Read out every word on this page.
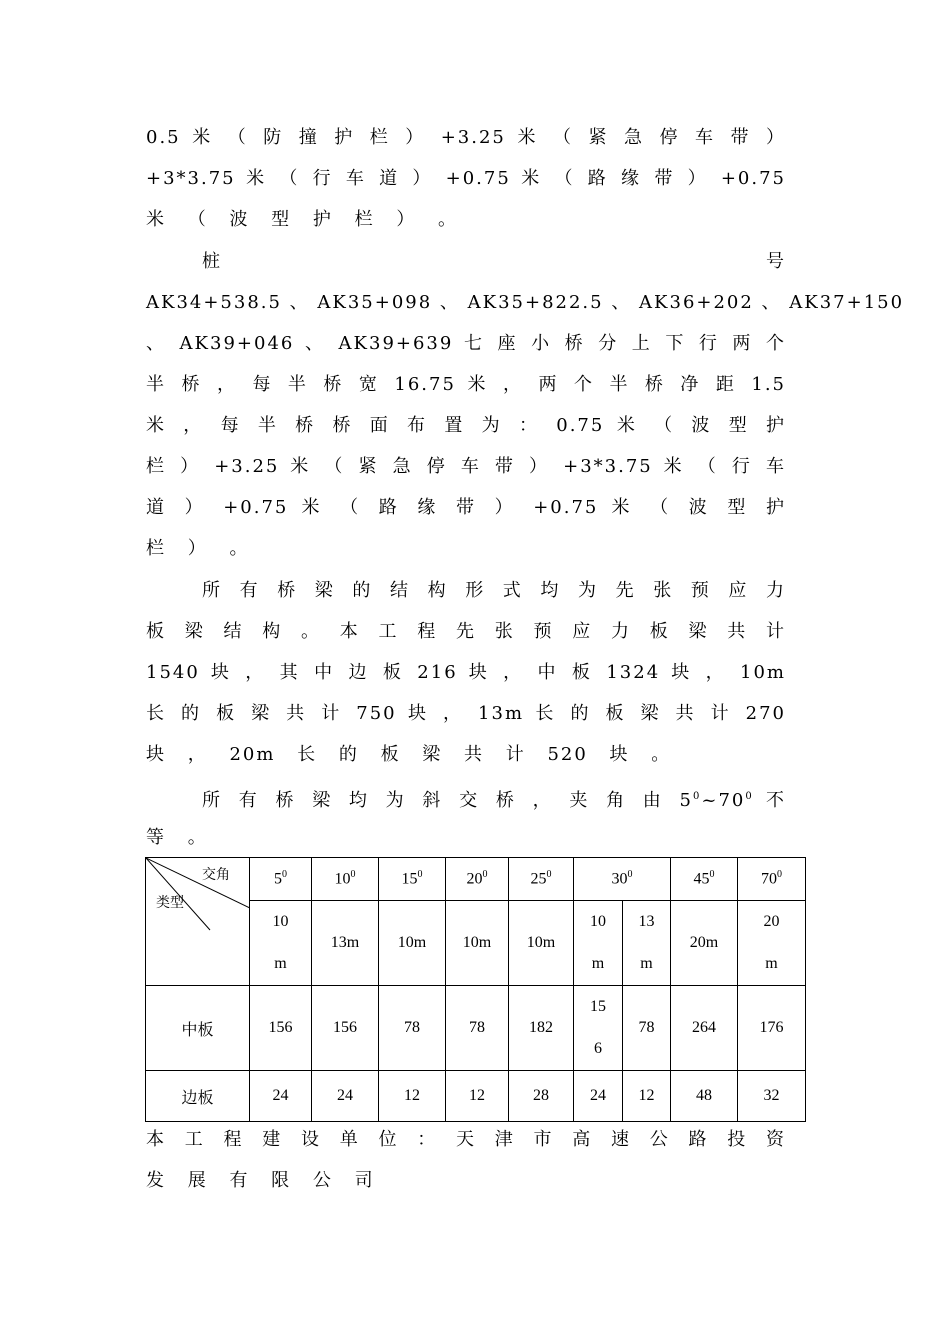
0.5 米 （ 防 撞 护 栏 ） +3.25 米 （ 紧 急 停 车 带 ）
+3*3.75 米 （ 行 车 道 ） +0.75 米 （ 路 缘 带 ） +0.75
米 （ 波 型 护 栏 ） 。
桩 号
AK34+538.5 、 AK35+098 、 AK35+822.5 、 AK36+202 、 AK37+150
、 AK39+046 、 AK39+639 七 座 小 桥 分 上 下 行 两 个
半 桥 ， 每 半 桥 宽 16.75 米 ， 两 个 半 桥 净 距 1.5
米 ， 每 半 桥 桥 面 布 置 为 ： 0.75 米 （ 波 型 护
栏 ） +3.25 米 （ 紧 急 停 车 带 ） +3*3.75 米 （ 行 车
道 ） +0.75 米 （ 路 缘 带 ） +0.75 米 （ 波 型 护
栏 ） 。
所 有 桥 梁 的 结 构 形 式 均 为 先 张 预 应 力
板 梁 结 构 。 本 工 程 先 张 预 应 力 板 梁 共 计
1540 块 ， 其 中 边 板 216 块 ， 中 板 1324 块 ， 10m
长 的 板 梁 共 计 750 块 ， 13m 长 的 板 梁 共 计 270
块 ， 20m 长 的 板 梁 共 计 520 块 。
所 有 桥 梁 均 为 斜 交 桥 ， 夹 角 由 $5^0\sim 70^0$ 不
等 。
交角
类型	$5^0$	$10^0$	$15^0$	$20^0$	$25^0$	$30^0$		$45^0$	$70^0$

	10m	13m	10m	10m	10m	10m	13m	20m	20m

中板	156	156	78	78	182	156	78	264	176
边板	24	24	12	12	28	24	12	48	32
本 工 程 建 设 单 位 ： 天 津 市 高 速 公 路 投 资
发 展 有 限 公 司
